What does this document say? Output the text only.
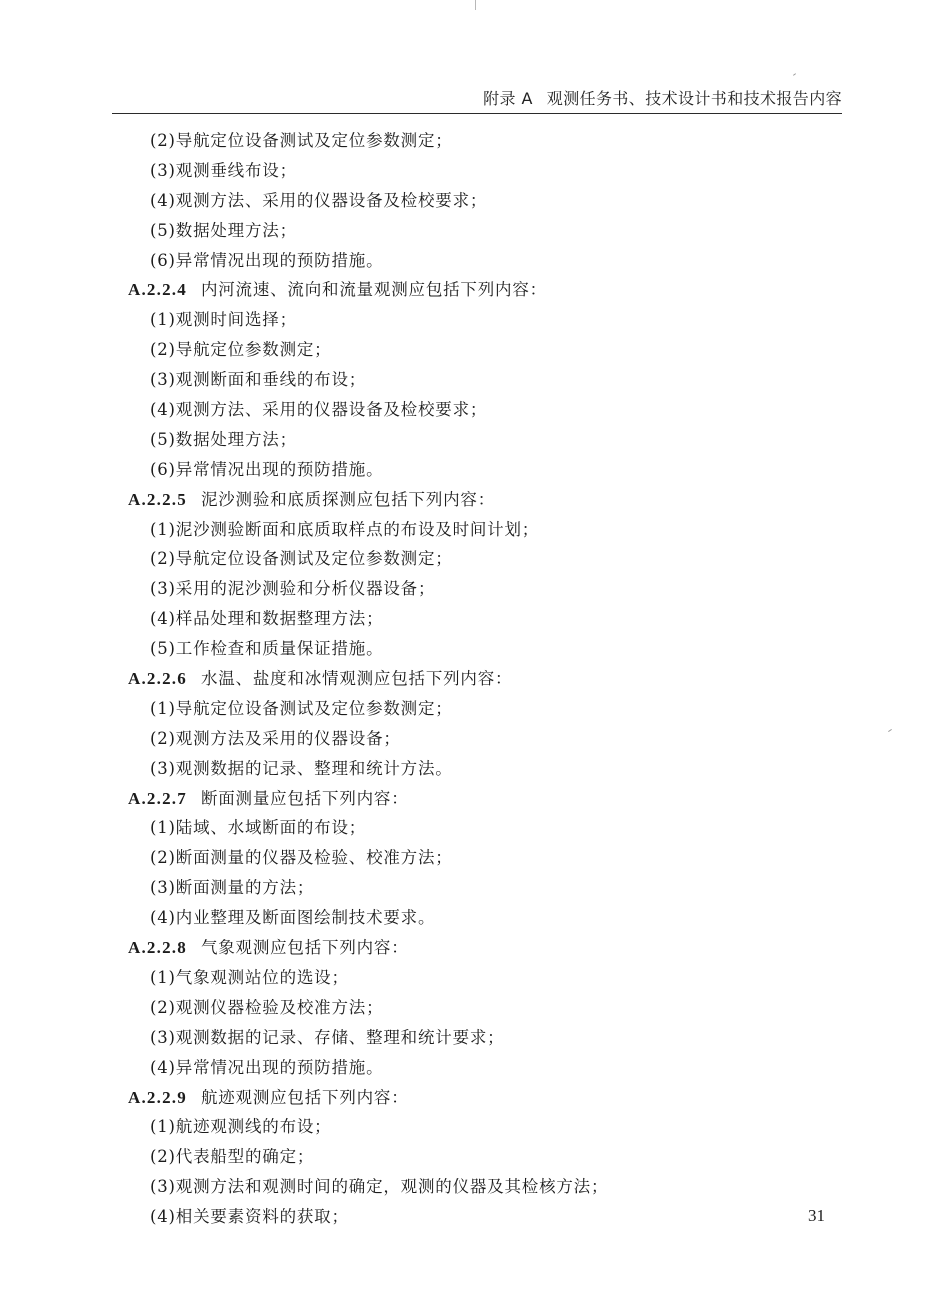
附录 A 观测任务书、技术设计书和技术报告内容
(2)导航定位设备测试及定位参数测定；
(3)观测垂线布设；
(4)观测方法、采用的仪器设备及检校要求；
(5)数据处理方法；
(6)异常情况出现的预防措施。
A.2.2.4 内河流速、流向和流量观测应包括下列内容：
(1)观测时间选择；
(2)导航定位参数测定；
(3)观测断面和垂线的布设；
(4)观测方法、采用的仪器设备及检校要求；
(5)数据处理方法；
(6)异常情况出现的预防措施。
A.2.2.5 泥沙测验和底质探测应包括下列内容：
(1)泥沙测验断面和底质取样点的布设及时间计划；
(2)导航定位设备测试及定位参数测定；
(3)采用的泥沙测验和分析仪器设备；
(4)样品处理和数据整理方法；
(5)工作检查和质量保证措施。
A.2.2.6 水温、盐度和冰情观测应包括下列内容：
(1)导航定位设备测试及定位参数测定；
(2)观测方法及采用的仪器设备；
(3)观测数据的记录、整理和统计方法。
A.2.2.7 断面测量应包括下列内容：
(1)陆域、水域断面的布设；
(2)断面测量的仪器及检验、校准方法；
(3)断面测量的方法；
(4)内业整理及断面图绘制技术要求。
A.2.2.8 气象观测应包括下列内容：
(1)气象观测站位的选设；
(2)观测仪器检验及校准方法；
(3)观测数据的记录、存储、整理和统计要求；
(4)异常情况出现的预防措施。
A.2.2.9 航迹观测应包括下列内容：
(1)航迹观测线的布设；
(2)代表船型的确定；
(3)观测方法和观测时间的确定，观测的仪器及其检核方法；
(4)相关要素资料的获取；	31
